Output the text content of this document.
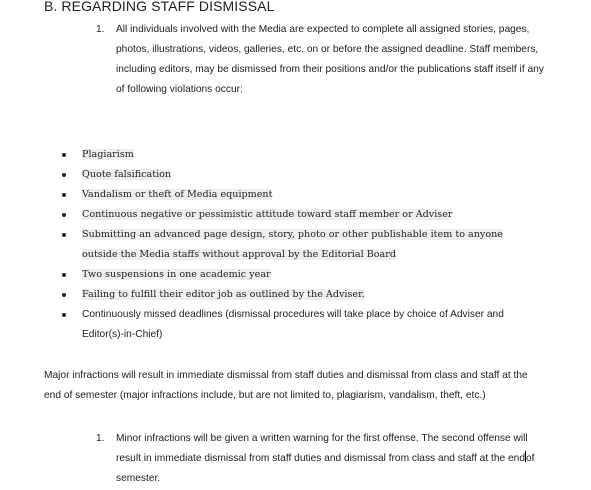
B. REGARDING STAFF DISMISSAL
1. All individuals involved with the Media are expected to complete all assigned stories, pages, photos, illustrations, videos, galleries, etc. on or before the assigned deadline. Staff members, including editors, may be dismissed from their positions and/or the publications staff itself if any of following violations occur:
Plagiarism
Quote falsification
Vandalism or theft of Media equipment
Continuous negative or pessimistic attitude toward staff member or Adviser
Submitting an advanced page design, story, photo or other publishable item to anyone outside the Media staffs without approval by the Editorial Board
Two suspensions in one academic year
Failing to fulfill their editor job as outlined by the Adviser.
Continuously missed deadlines (dismissal procedures will take place by choice of Adviser and Editor(s)-in-Chief)
Major infractions will result in immediate dismissal from staff duties and dismissal from class and staff at the end of semester (major infractions include, but are not limited to, plagiarism, vandalism, theft, etc.)
1. Minor infractions will be given a written warning for the first offense. The second offense will result in immediate dismissal from staff duties and dismissal from class and staff at the endof semester.
